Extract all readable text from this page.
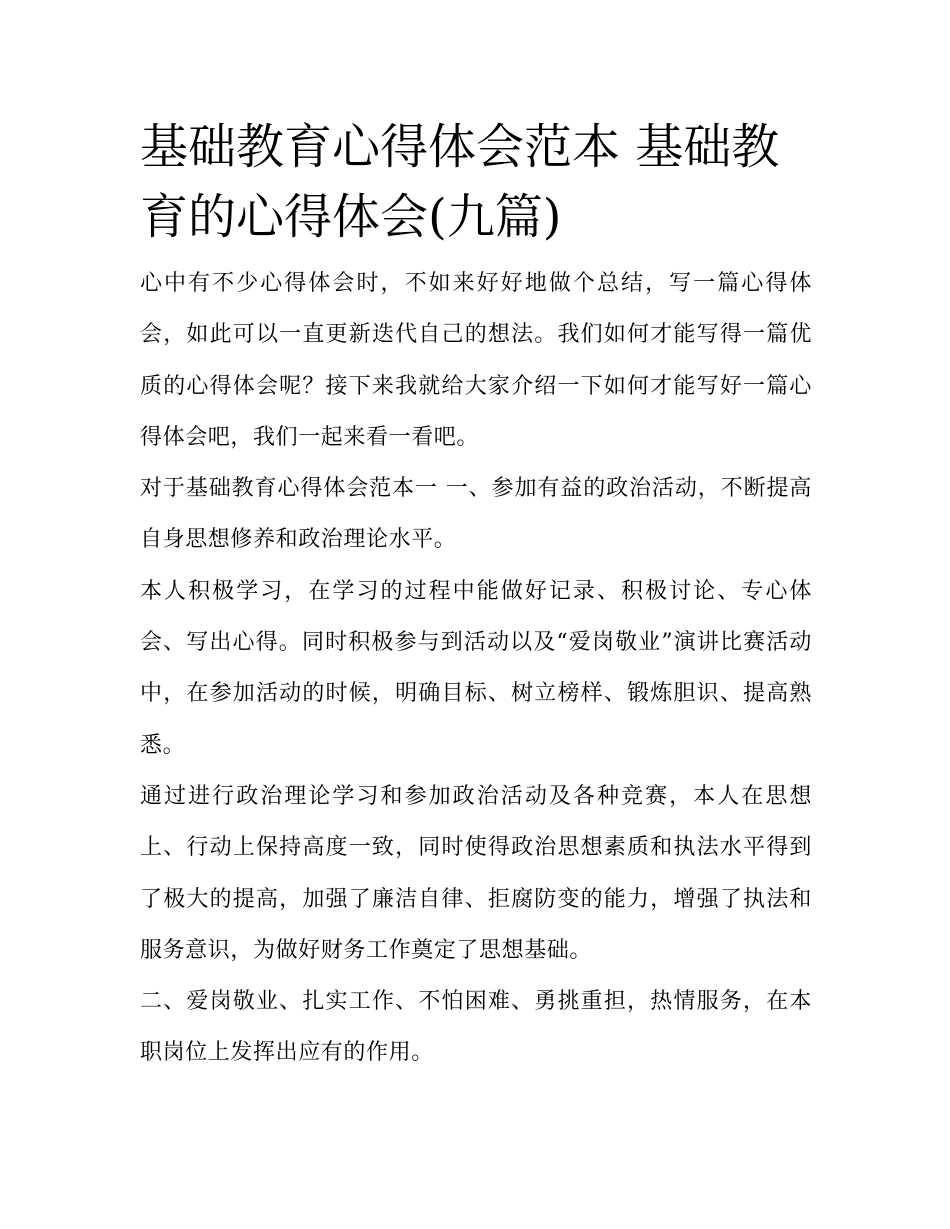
基础教育心得体会范本 基础教育的心得体会(九篇)

心中有不少心得体会时，不如来好好地做个总结，写一篇心得体会，如此可以一直更新迭代自己的想法。我们如何才能写得一篇优质的心得体会呢？接下来我就给大家介绍一下如何才能写好一篇心得体会吧，我们一起来看一看吧。

对于基础教育心得体会范本一 一、参加有益的政治活动，不断提高自身思想修养和政治理论水平。

本人积极学习，在学习的过程中能做好记录、积极讨论、专心体会、写出心得。同时积极参与到活动以及“爱岗敬业”演讲比赛活动中，在参加活动的时候，明确目标、树立榜样、锻炼胆识、提高熟悉。

通过进行政治理论学习和参加政治活动及各种竞赛，本人在思想上、行动上保持高度一致，同时使得政治思想素质和执法水平得到了极大的提高，加强了廉洁自律、拒腐防变的能力，增强了执法和服务意识，为做好财务工作奠定了思想基础。

二、爱岗敬业、扎实工作、不怕困难、勇挑重担，热情服务，在本职岗位上发挥出应有的作用。
